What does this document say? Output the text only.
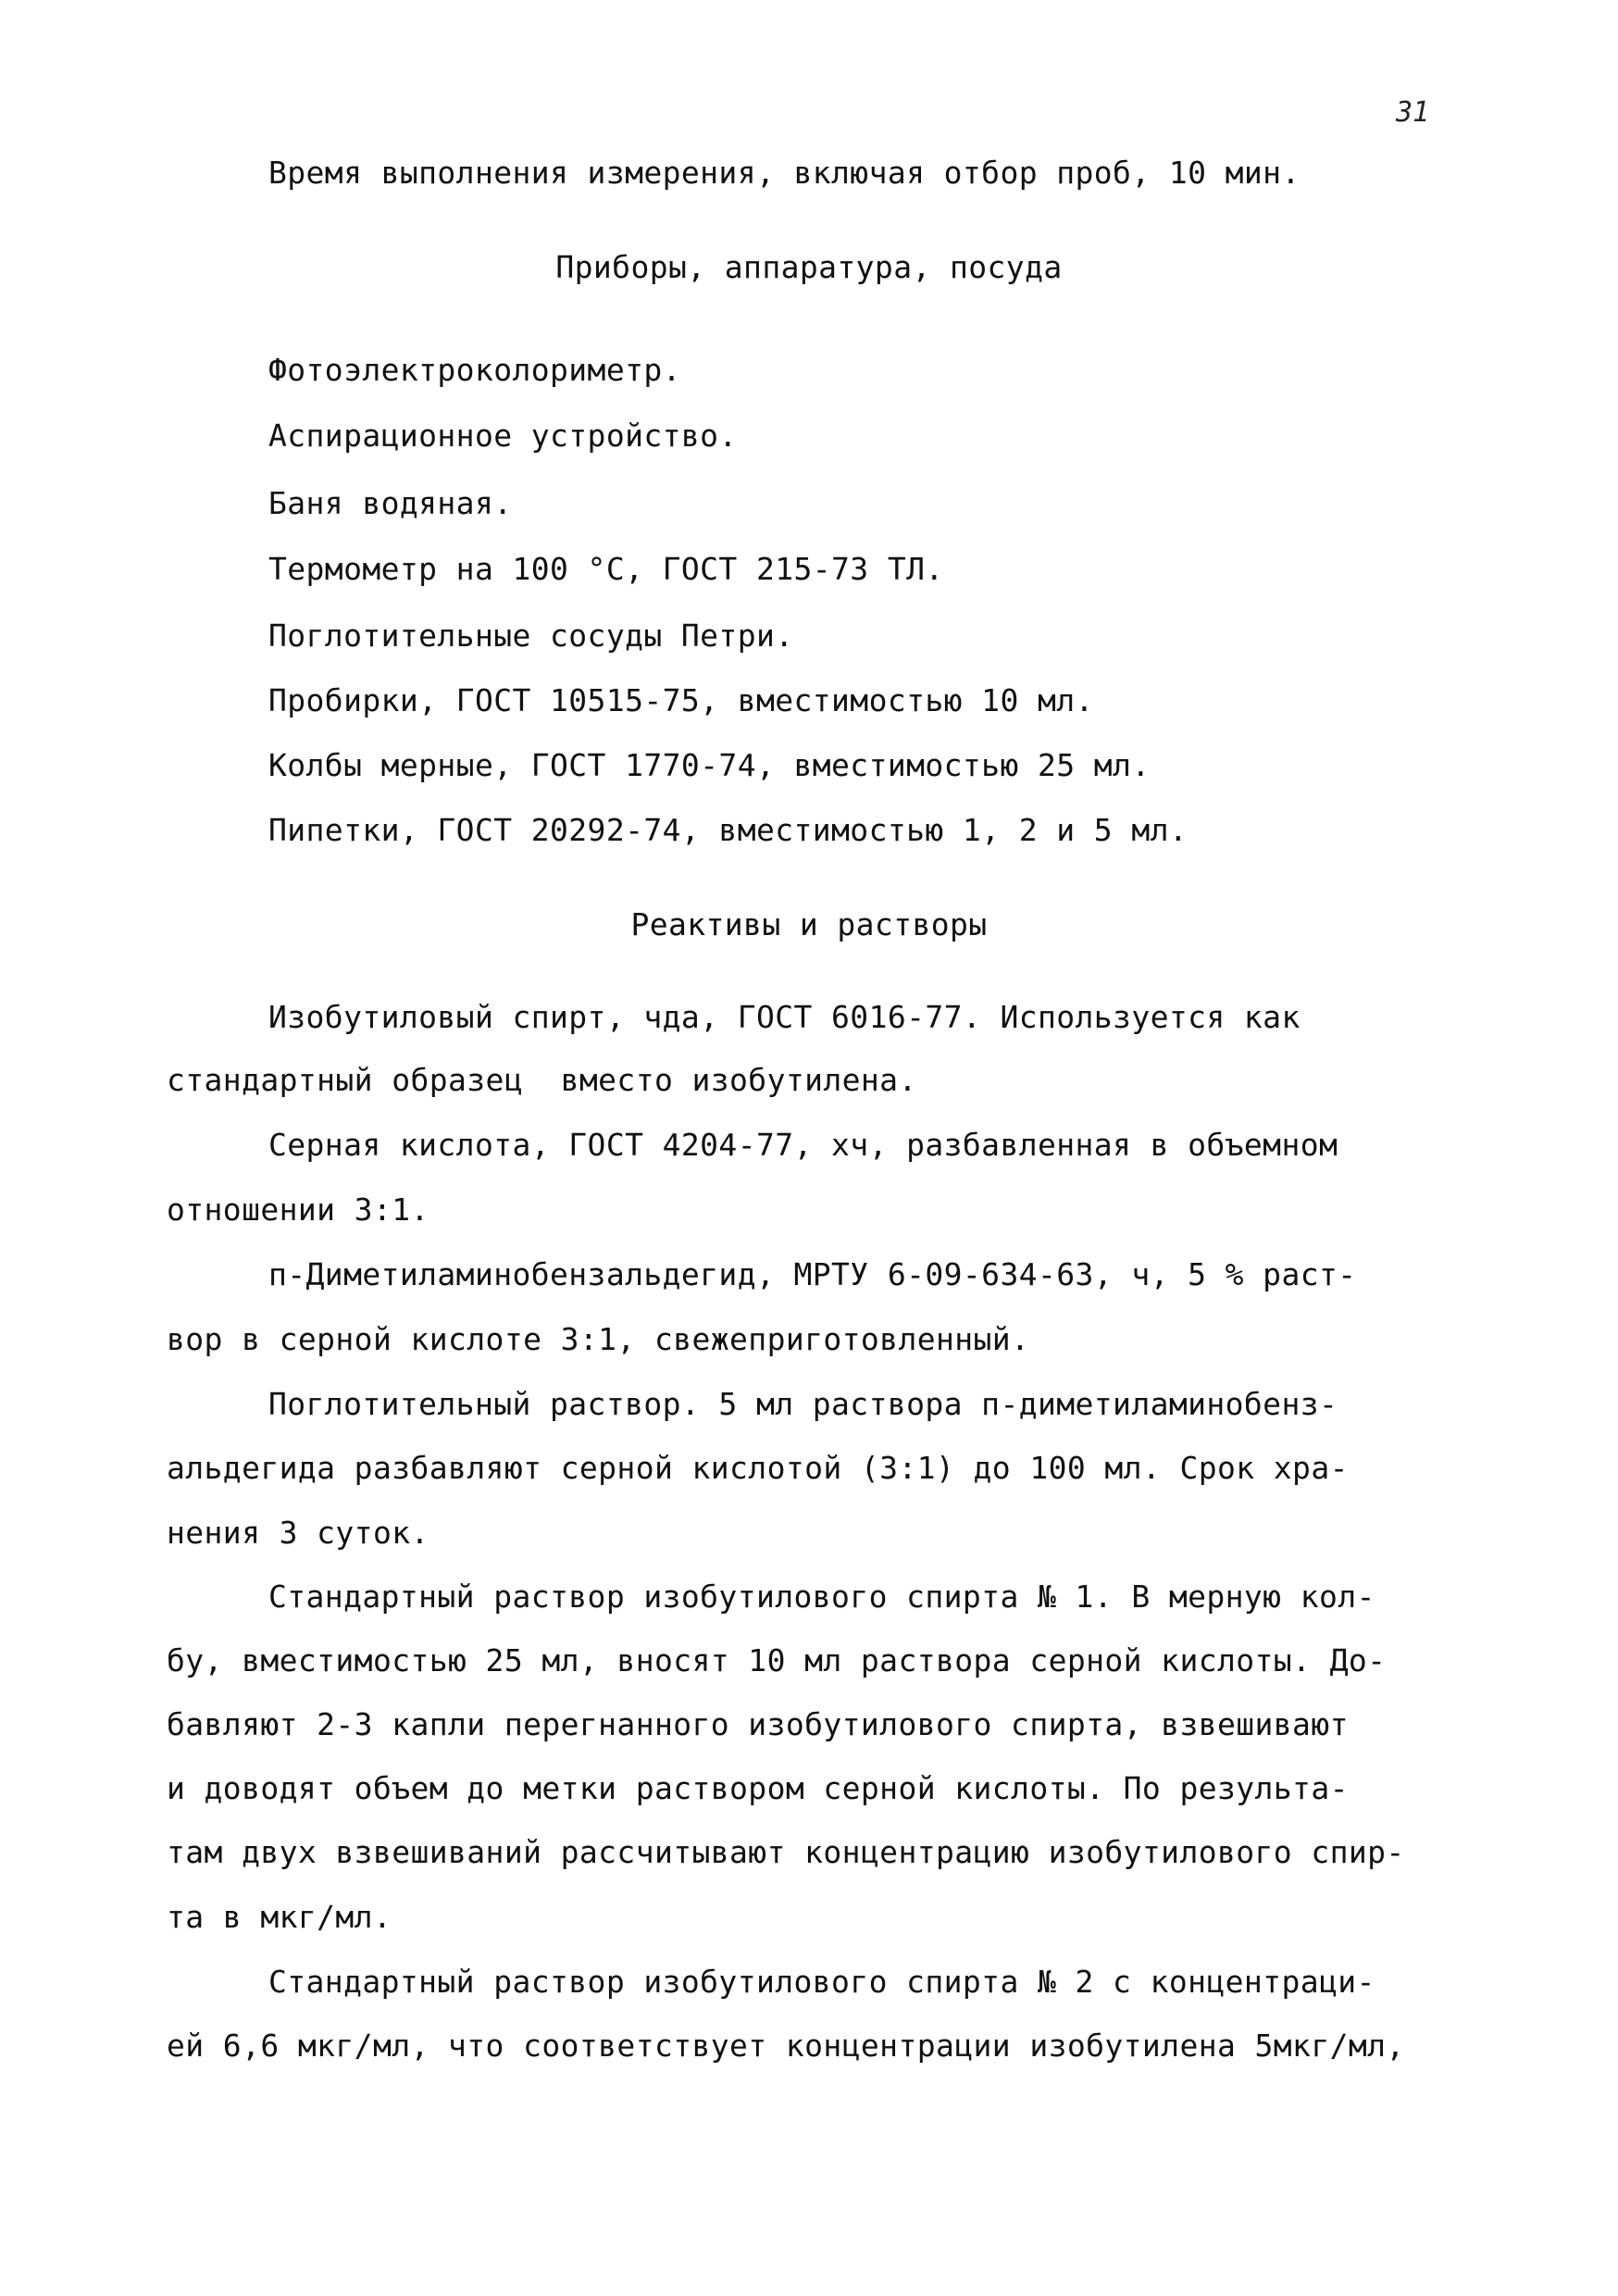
31
Время выполнения измерения, включая отбор проб, 10 мин.
Приборы, аппаратура, посуда
Фотоэлектроколориметр.
Аспирационное устройство.
Баня водяная.
Термометр на 100 °С, ГОСТ 215-73 ТЛ.
Поглотительные сосуды Петри.
Пробирки, ГОСТ 10515-75, вместимостью 10 мл.
Колбы мерные, ГОСТ 1770-74, вместимостью 25 мл.
Пипетки, ГОСТ 20292-74, вместимостью 1, 2 и 5 мл.
Реактивы и растворы
Изобутиловый спирт, чда, ГОСТ 6016-77. Используется как
стандартный образец  вместо изобутилена.
Серная кислота, ГОСТ 4204-77, хч, разбавленная в объемном
отношении 3:1.
п-Диметиламинобензальдегид, МРТУ 6-09-634-63, ч, 5 % раст-
вор в серной кислоте 3:1, свежеприготовленный.
Поглотительный раствор. 5 мл раствора п-диметиламинобенз-
альдегида разбавляют серной кислотой (3:1) до 100 мл. Срок хра-
нения 3 суток.
Стандартный раствор изобутилового спирта № 1. В мерную кол-
бу, вместимостью 25 мл, вносят 10 мл раствора серной кислоты. До-
бавляют 2-3 капли перегнанного изобутилового спирта, взвешивают
и доводят объем до метки раствором серной кислоты. По результа-
там двух взвешиваний рассчитывают концентрацию изобутилового спир-
та в мкг/мл.
Стандартный раствор изобутилового спирта № 2 с концентраци-
ей 6,6 мкг/мл, что соответствует концентрации изобутилена 5мкг/мл,
